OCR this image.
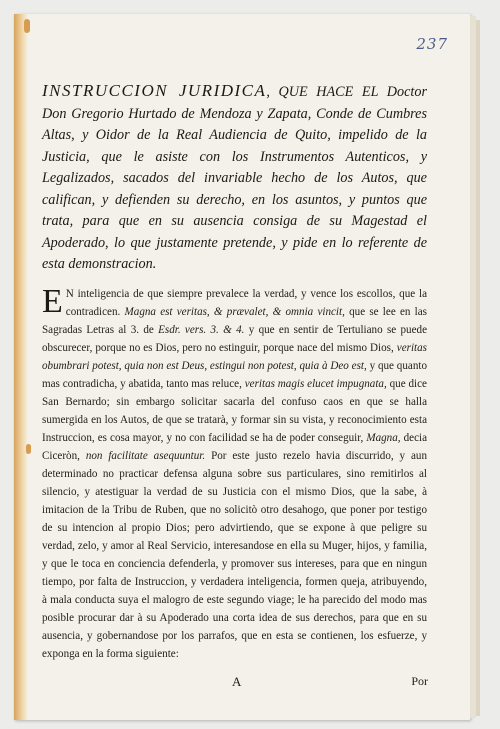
237

INSTRUCCION JURIDICA, QUE HACE EL Doctor Don Gregorio Hurtado de Mendoza y Zapata, Conde de Cumbres Altas, y Oidor de la Real Audiencia de Quito, impelido de la Justicia, que le asiste con los Instrumentos Autenticos, y Legalizados, sacados del invariable hecho de los Autos, que califican, y defienden su derecho, en los asuntos, y puntos que trata, para que en su ausencia consiga de su Magestad el Apoderado, lo que justamente pretende, y pide en lo referente de esta demonstracion.

E N inteligencia de que siempre prevalece la verdad, y vence los escollos, que la contradicen. Magna est veritas, & prævalet, & omnia vincit, que se lee en las Sagradas Letras al 3. de Esdr. vers. 3. & 4. y que en sentir de Tertuliano se puede obscurecer, porque no es Dios, pero no estinguir, porque nace del mismo Dios, veritas obumbrari potest, quia non est Deus, estingui non potest, quia à Deo est, y que quanto mas contradicha, y abatida, tanto mas reluce, veritas magis elucet impugnata, que dice San Bernardo; sin embargo solicitar sacarla del confuso caos en que se halla sumergida en los Autos, de que se tratarà, y formar sin su vista, y reconocimiento esta Instruccion, es cosa mayor, y no con facilidad se ha de poder conseguir, Magna, decia Ciceròn, non facilitate asequuntur. Por este justo rezelo havia discurrido, y aun determinado no practicar defensa alguna sobre sus particulares, sino remitirlos al silencio, y atestiguar la verdad de su Justicia con el mismo Dios, que la sabe, à imitacion de la Tribu de Ruben, que no solicitò otro desahogo, que poner por testigo de su intencion al propio Dios; pero advirtiendo, que se expone à que peligre su verdad, zelo, y amor al Real Servicio, interesandose en ella su Muger, hijos, y familia, y que le toca en conciencia defenderla, y promover sus intereses, para que en ningun tiempo, por falta de Instruccion, y verdadera inteligencia, formen queja, atribuyendo, à mala conducta suya el malogro de este segundo viage; le ha parecido del modo mas posible procurar dar à su Apoderado una corta idea de sus derechos, para que en su ausencia, y gobernandose por los parrafos, que en esta se contienen, los esfuerze, y exponga en la forma siguiente:

A	Por
